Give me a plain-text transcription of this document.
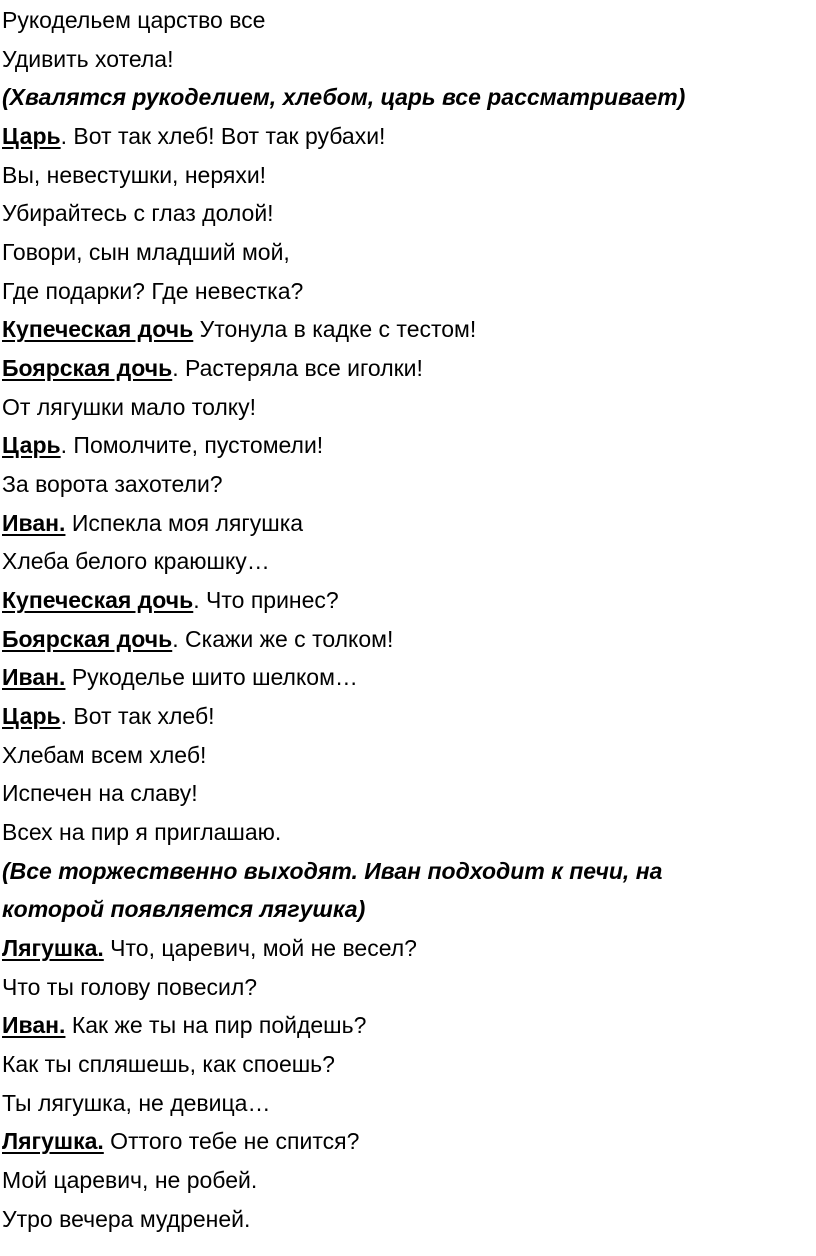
Рукодельем царство все
Удивить хотела!
(Хвалятся рукоделием, хлебом, царь все рассматривает)
Царь. Вот так хлеб! Вот так рубахи!
Вы, невестушки, неряхи!
Убирайтесь с глаз долой!
Говори, сын младший мой,
Где подарки? Где невестка?
Купеческая дочь Утонула в кадке с тестом!
Боярская дочь. Растеряла все иголки!
От лягушки мало толку!
Царь. Помолчите, пустомели!
За ворота захотели?
Иван. Испекла моя лягушка
Хлеба белого краюшку…
Купеческая дочь. Что принес?
Боярская дочь. Скажи же с толком!
Иван. Рукоделье шито шелком…
Царь. Вот так хлеб!
Хлебам всем хлеб!
Испечен на славу!
Всех на пир я приглашаю.
(Все торжественно выходят. Иван подходит к печи, на
которой появляется лягушка)
Лягушка. Что, царевич, мой не весел?
Что ты голову повесил?
Иван. Как же ты на пир пойдешь?
Как ты спляшешь, как споешь?
Ты лягушка, не девица…
Лягушка. Оттого тебе не спится?
Мой царевич, не робей.
Утро вечера мудреней.
